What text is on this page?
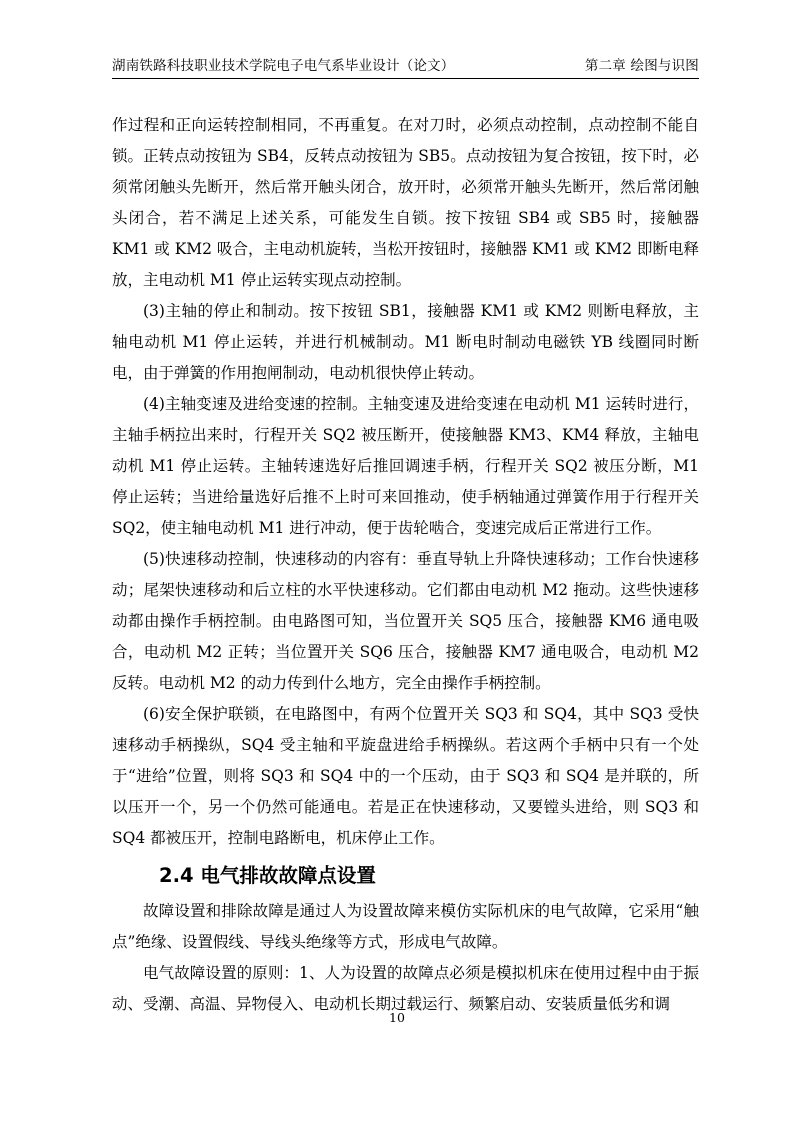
湖南铁路科技职业技术学院电子电气系毕业设计（论文）	第二章 绘图与识图

作过程和正向运转控制相同，不再重复。在对刀时，必须点动控制，点动控制不能自锁。正转点动按钮为 SB4，反转点动按钮为 SB5。点动按钮为复合按钮，按下时，必须常闭触头先断开，然后常开触头闭合，放开时，必须常开触头先断开，然后常闭触头闭合，若不满足上述关系，可能发生自锁。按下按钮 SB4 或 SB5 时，接触器 KM1 或 KM2 吸合，主电动机旋转，当松开按钮时，接触器 KM1 或 KM2 即断电释放，主电动机 M1 停止运转实现点动控制。

(3)主轴的停止和制动。按下按钮 SB1，接触器 KM1 或 KM2 则断电释放，主轴电动机 M1 停止运转，并进行机械制动。M1 断电时制动电磁铁 YB 线圈同时断电，由于弹簧的作用抱闸制动，电动机很快停止转动。

(4)主轴变速及进给变速的控制。主轴变速及进给变速在电动机 M1 运转时进行，主轴手柄拉出来时，行程开关 SQ2 被压断开，使接触器 KM3、KM4 释放，主轴电动机 M1 停止运转。主轴转速选好后推回调速手柄，行程开关 SQ2 被压分断，M1 停止运转；当进给量选好后推不上时可来回推动，使手柄轴通过弹簧作用于行程开关 SQ2，使主轴电动机 M1 进行冲动，便于齿轮啮合，变速完成后正常进行工作。

(5)快速移动控制，快速移动的内容有：垂直导轨上升降快速移动；工作台快速移动；尾架快速移动和后立柱的水平快速移动。它们都由电动机 M2 拖动。这些快速移动都由操作手柄控制。由电路图可知，当位置开关 SQ5 压合，接触器 KM6 通电吸合，电动机 M2 正转；当位置开关 SQ6 压合，接触器 KM7 通电吸合，电动机 M2 反转。电动机 M2 的动力传到什么地方，完全由操作手柄控制。

(6)安全保护联锁，在电路图中，有两个位置开关 SQ3 和 SQ4，其中 SQ3 受快速移动手柄操纵，SQ4 受主轴和平旋盘进给手柄操纵。若这两个手柄中只有一个处于“进给”位置，则将 SQ3 和 SQ4 中的一个压动，由于 SQ3 和 SQ4 是并联的，所以压开一个，另一个仍然可能通电。若是正在快速移动，又要镗头进给，则 SQ3 和 SQ4 都被压开，控制电路断电，机床停止工作。

2.4 电气排故故障点设置

故障设置和排除故障是通过人为设置故障来模仿实际机床的电气故障，它采用“触点”绝缘、设置假线、导线头绝缘等方式，形成电气故障。

电气故障设置的原则：1、人为设置的故障点必须是模拟机床在使用过程中由于振动、受潮、高温、异物侵入、电动机长期过载运行、频繁启动、安装质量低劣和调

10
